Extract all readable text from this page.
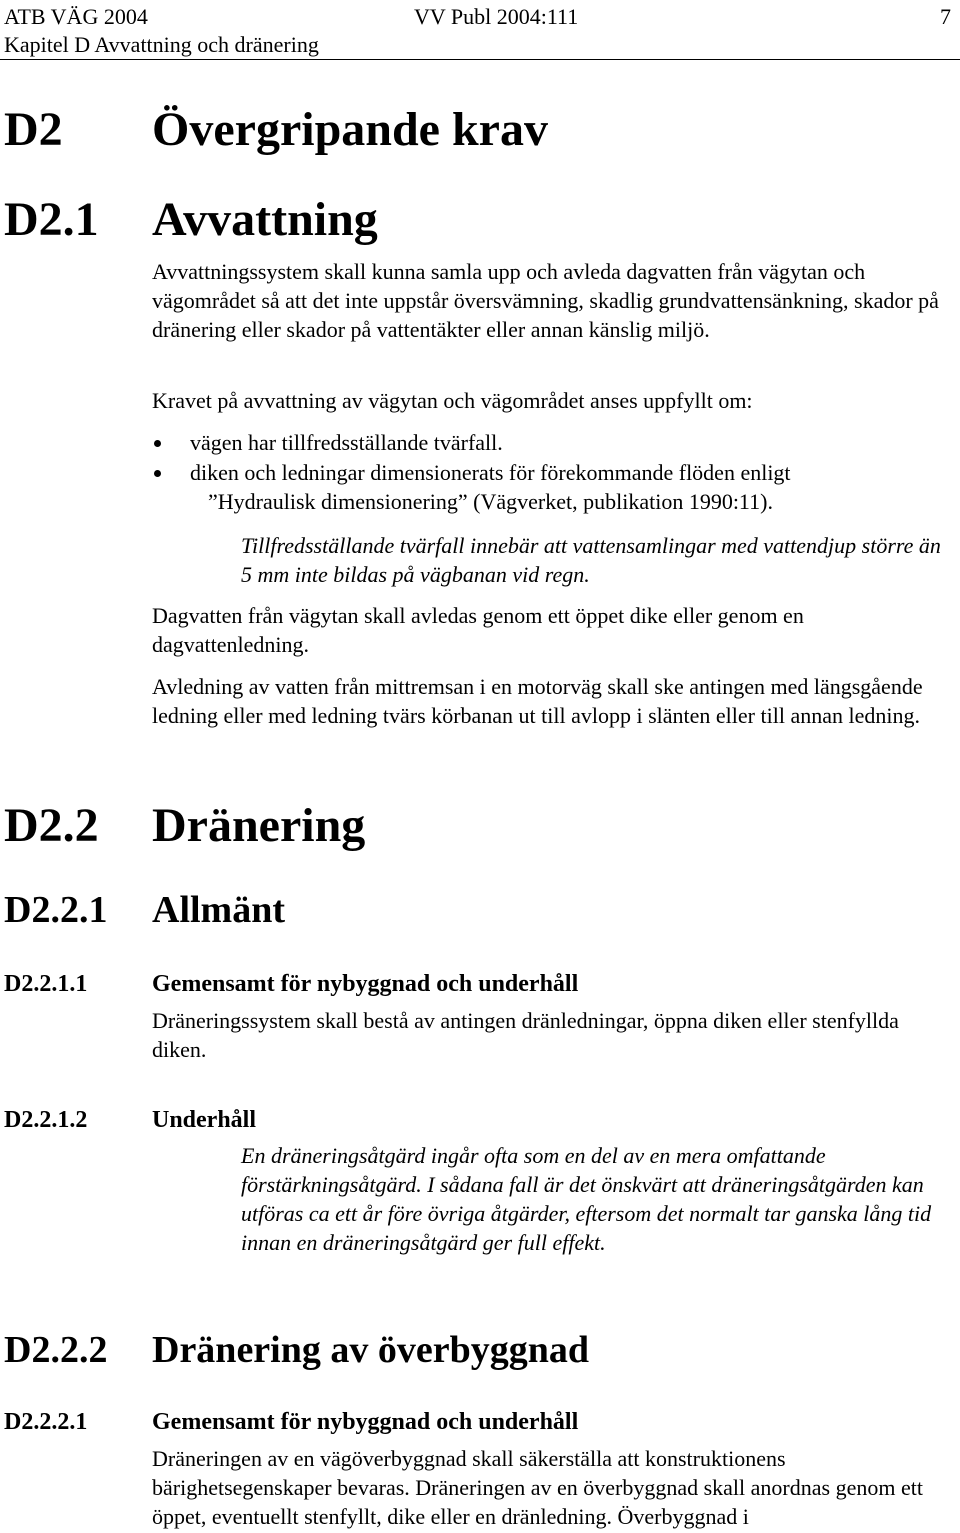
ATB VÄG 2004	VV Publ 2004:111	7
Kapitel D Avvattning och dränering
D2 Övergripande krav
D2.1 Avvattning
Avvattningssystem skall kunna samla upp och avleda dagvatten från vägytan och vägområdet så att det inte uppstår översvämning, skadlig grundvattensänkning, skador på dränering eller skador på vattentäkter eller annan känslig miljö.
Kravet på avvattning av vägytan och vägområdet anses uppfyllt om:
vägen har tillfredsställande tvärfall.
diken och ledningar dimensionerats för förekommande flöden enligt
”Hydraulisk dimensionering” (Vägverket, publikation 1990:11).
Tillfredsställande tvärfall innebär att vattensamlingar med vattendjup större än 5 mm inte bildas på vägbanan vid regn.
Dagvatten från vägytan skall avledas genom ett öppet dike eller genom en dagvattenledning.
Avledning av vatten från mittremsan i en motorväg skall ske antingen med längsgående ledning eller med ledning tvärs körbanan ut till avlopp i slänten eller till annan ledning.
D2.2 Dränering
D2.2.1 Allmänt
D2.2.1.1	Gemensamt för nybyggnad och underhåll
Dräneringssystem skall bestå av antingen dränledningar, öppna diken eller stenfyllda diken.
D2.2.1.2	Underhåll
En dräneringsåtgärd ingår ofta som en del av en mera omfattande förstärkningsåtgärd. I sådana fall är det önskvärt att dräneringsåtgärden kan utföras ca ett år före övriga åtgärder, eftersom det normalt tar ganska lång tid innan en dräneringsåtgärd ger full effekt.
D2.2.2 Dränering av överbyggnad
D2.2.2.1	Gemensamt för nybyggnad och underhåll
Dräneringen av en vägöverbyggnad skall säkerställa att konstruktionens bärighetsegenskaper bevaras. Dräneringen av en överbyggnad skall anordnas genom ett öppet, eventuellt stenfyllt, dike eller en dränledning. Överbyggnad i
